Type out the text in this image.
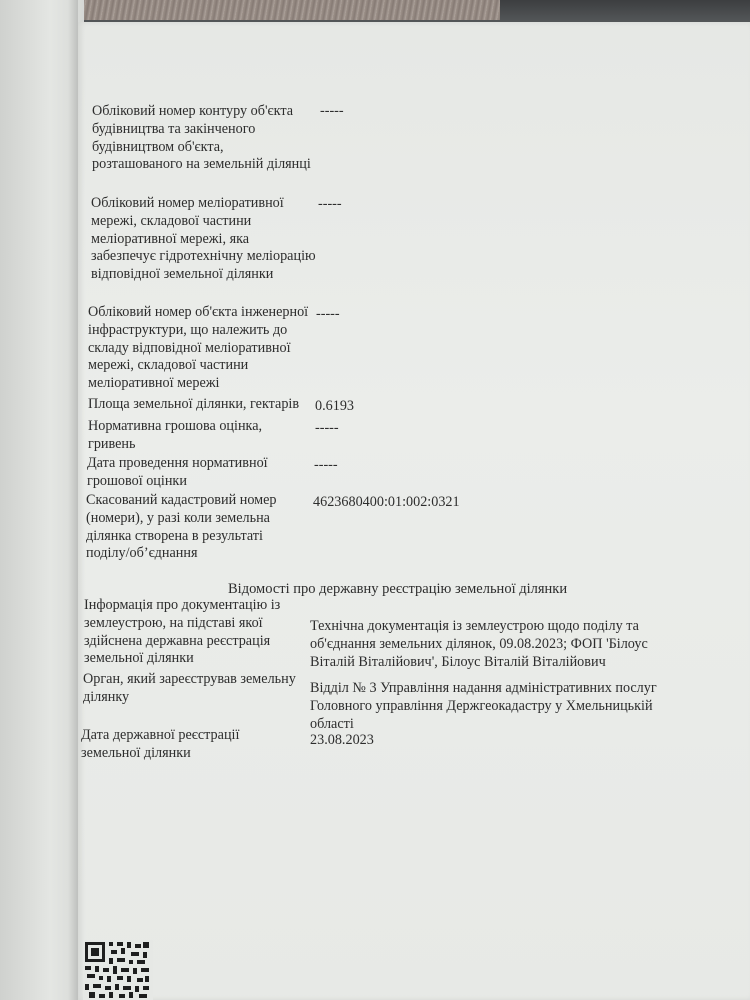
Обліковий номер контуру об'єкта будівництва та закінченого будівництвом об'єкта, розташованого на земельній ділянці
-----
Обліковий номер меліоративної мережі, складової частини меліоративної мережі, яка забезпечує гідротехнічну меліорацію відповідної земельної ділянки
-----
Обліковий номер об'єкта інженерної інфраструктури, що належить до складу відповідної меліоративної мережі, складової частини меліоративної мережі
-----
Площа земельної ділянки, гектарів	0.6193
Нормативна грошова оцінка, гривень
-----
Дата проведення нормативної грошової оцінки
-----
Скасований кадастровий номер (номери), у разі коли земельна ділянка створена в результаті поділу/об’єднання
4623680400:01:002:0321
Відомості про державну реєстрацію земельної ділянки
Інформація про документацію із землеустрою, на підставі якої здійснена державна реєстрація земельної ділянки
Технічна документація із землеустрою щодо поділу та об'єднання земельних ділянок, 09.08.2023; ФОП 'Білоус Віталій Віталійович', Білоус Віталій Віталійович
Орган, який зареєстрував земельну ділянку
Відділ № 3 Управління надання адміністративних послуг Головного управління Держгеокадастру у Хмельницькій області
Дата державної реєстрації земельної ділянки
23.08.2023
